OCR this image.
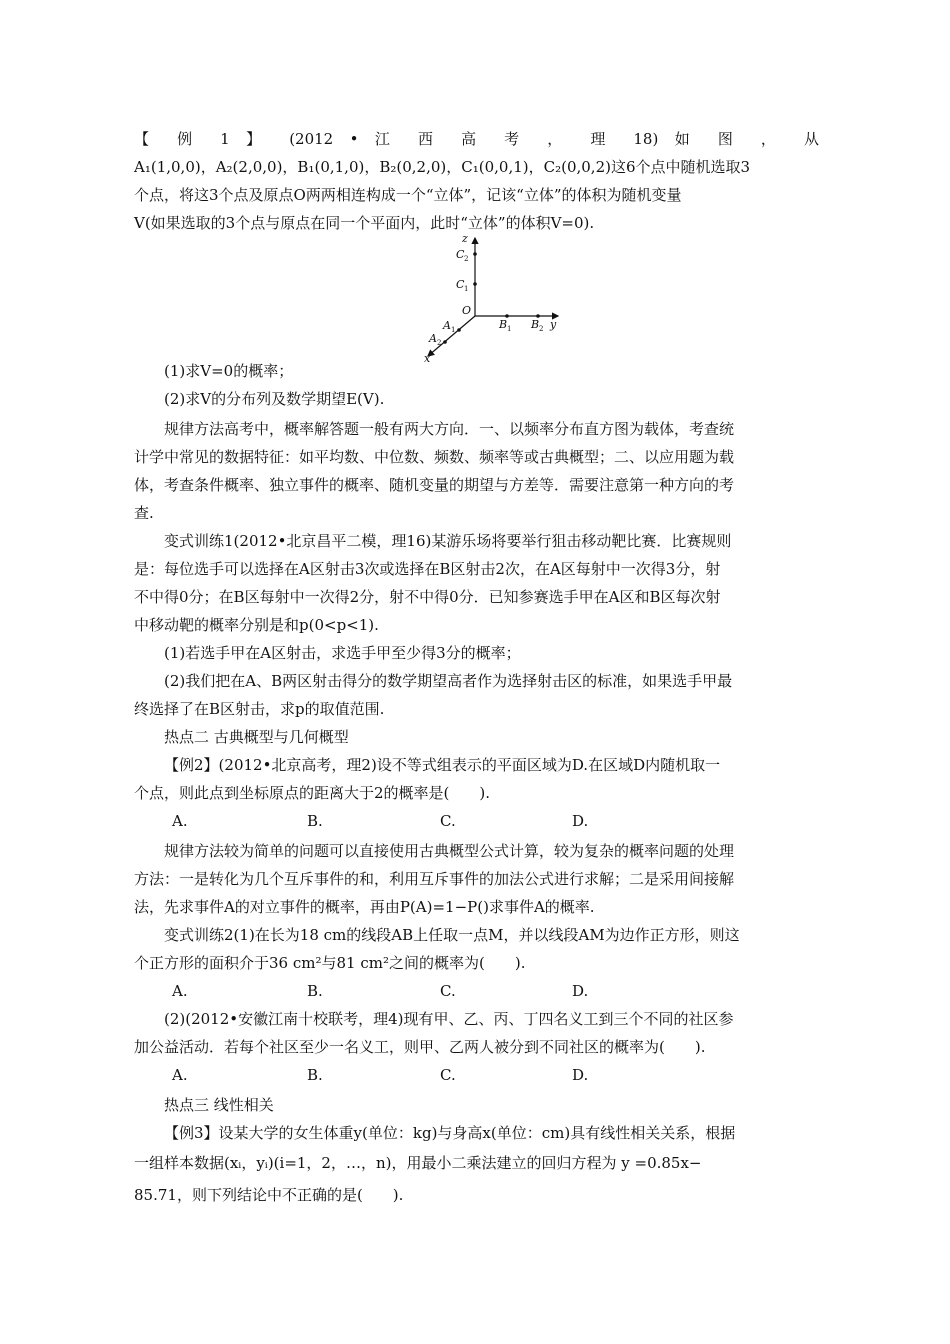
【 例 1 】 (2012 • 江 西 高 考 ， 理 18) 如 图 ， 从
A₁(1,0,0)，A₂(2,0,0)，B₁(0,1,0)，B₂(0,2,0)，C₁(0,0,1)，C₂(0,0,2)这6个点中随机选取3
个点，将这3个点及原点O两两相连构成一个“立体”，记该“立体”的体积为随机变量
V(如果选取的3个点与原点在同一个平面内，此时“立体”的体积V=0).
z
C 2
C 1
O
B 1 B 2 y
A 1
A 2
x
(1)求V=0的概率；
(2)求V的分布列及数学期望E(V).
规律方法高考中，概率解答题一般有两大方向．一、以频率分布直方图为载体，考查统
计学中常见的数据特征：如平均数、中位数、频数、频率等或古典概型；二、以应用题为载
体，考查条件概率、独立事件的概率、随机变量的期望与方差等．需要注意第一种方向的考
查.
变式训练1(2012•北京昌平二模，理16)某游乐场将要举行狙击移动靶比赛．比赛规则
是：每位选手可以选择在A区射击3次或选择在B区射击2次，在A区每射中一次得3分，射
不中得0分；在B区每射中一次得2分，射不中得0分．已知参赛选手甲在A区和B区每次射
中移动靶的概率分别是和p(0<p<1).
(1)若选手甲在A区射击，求选手甲至少得3分的概率；
(2)我们把在A、B两区射击得分的数学期望高者作为选择射击区的标准，如果选手甲最
终选择了在B区射击，求p的取值范围.
热点二 古典概型与几何概型
【例2】(2012•北京高考，理2)设不等式组表示的平面区域为D.在区域D内随机取一
个点，则此点到坐标原点的距离大于2的概率是(　　).
A.	B.	C.	D.
规律方法较为简单的问题可以直接使用古典概型公式计算，较为复杂的概率问题的处理
方法：一是转化为几个互斥事件的和，利用互斥事件的加法公式进行求解；二是采用间接解
法，先求事件A的对立事件的概率，再由P(A)=1−P()求事件A的概率.
变式训练2(1)在长为18 cm的线段AB上任取一点M，并以线段AM为边作正方形，则这
个正方形的面积介于36 cm²与81 cm²之间的概率为(　　).
A.	B.	C.	D.
(2)(2012•安徽江南十校联考，理4)现有甲、乙、丙、丁四名义工到三个不同的社区参
加公益活动．若每个社区至少一名义工，则甲、乙两人被分到不同社区的概率为(　　).
A.	B.	C.	D.
热点三 线性相关
【例3】设某大学的女生体重y(单位：kg)与身高x(单位：cm)具有线性相关关系，根据
一组样本数据(xᵢ，yᵢ)(i=1，2，…，n)，用最小二乘法建立的回归方程为 y =0.85x−
85.71，则下列结论中不正确的是(　　).
